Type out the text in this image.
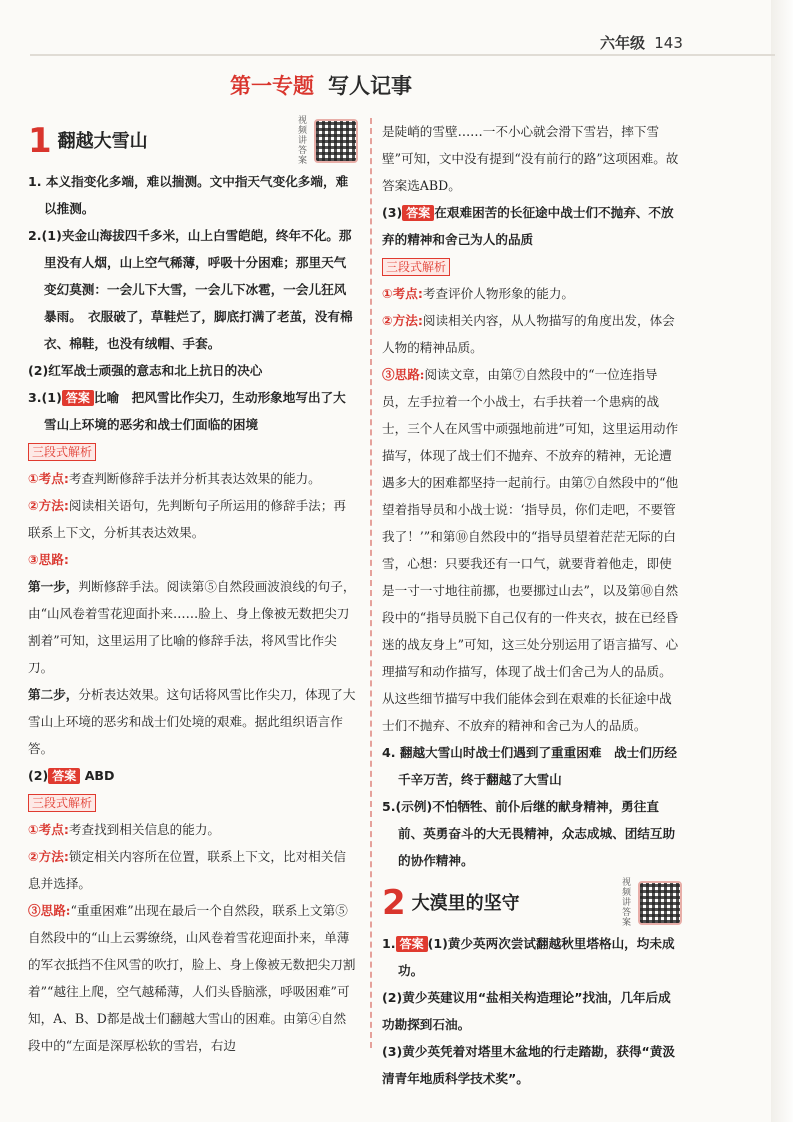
六年级 143
第一专题 写人记事
1 翻越大雪山
视频讲答案

1. 本义指变化多端，难以揣测。文中指天气变化多端，难以推测。

2.(1)夹金山海拔四千多米，山上白雪皑皑，终年不化。那里没有人烟，山上空气稀薄，呼吸十分困难；那里天气变幻莫测：一会儿下大雪，一会儿下冰雹，一会儿狂风暴雨。　衣服破了，草鞋烂了，脚底打满了老茧，没有棉衣、棉鞋，也没有绒帽、手套。

(2)红军战士顽强的意志和北上抗日的决心

3.(1) 答案 比喻　把风雪比作尖刀，生动形象地写出了大雪山上环境的恶劣和战士们面临的困境

三段式解析

①考点:考查判断修辞手法并分析其表达效果的能力。

②方法:阅读相关语句，先判断句子所运用的修辞手法；再联系上下文，分析其表达效果。

③思路:

第一步，判断修辞手法。阅读第⑤自然段画波浪线的句子，由“山风卷着雪花迎面扑来……脸上、身上像被无数把尖刀割着”可知，这里运用了比喻的修辞手法，将风雪比作尖刀。

第二步，分析表达效果。这句话将风雪比作尖刀，体现了大雪山上环境的恶劣和战士们处境的艰难。据此组织语言作答。

(2) 答案 ABD

三段式解析

①考点:考查找到相关信息的能力。

②方法:锁定相关内容所在位置，联系上下文，比对相关信息并选择。

③思路:“重重困难”出现在最后一个自然段，联系上文第⑤自然段中的“山上云雾缭绕，山风卷着雪花迎面扑来，单薄的军衣抵挡不住风雪的吹打，脸上、身上像被无数把尖刀割着”“越往上爬，空气越稀薄，人们头昏脑涨，呼吸困难”可知，A、B、D都是战士们翻越大雪山的困难。由第④自然段中的“左面是深厚松软的雪岩，右边

是陡峭的雪壁……一不小心就会滑下雪岩，摔下雪壁”可知，文中没有提到“没有前行的路”这项困难。故答案选ABD。

(3) 答案 在艰难困苦的长征途中战士们不抛弃、不放弃的精神和舍己为人的品质

三段式解析

①考点:考查评价人物形象的能力。

②方法:阅读相关内容，从人物描写的角度出发，体会人物的精神品质。

③思路:阅读文章，由第⑦自然段中的“一位连指导员，左手拉着一个小战士，右手扶着一个患病的战士，三个人在风雪中顽强地前进”可知，这里运用动作描写，体现了战士们不抛弃、不放弃的精神，无论遭遇多大的困难都坚持一起前行。由第⑦自然段中的“他望着指导员和小战士说：‘指导员，你们走吧，不要管我了！’”和第⑩自然段中的“指导员望着茫茫无际的白雪，心想：只要我还有一口气，就要背着他走，即使是一寸一寸地往前挪，也要挪过山去”，以及第⑩自然段中的“指导员脱下自己仅有的一件夹衣，披在已经昏迷的战友身上”可知，这三处分别运用了语言描写、心理描写和动作描写，体现了战士们舍己为人的品质。从这些细节描写中我们能体会到在艰难的长征途中战士们不抛弃、不放弃的精神和舍己为人的品质。

4. 翻越大雪山时战士们遇到了重重困难　战士们历经千辛万苦，终于翻越了大雪山

5.(示例)不怕牺牲、前仆后继的献身精神，勇往直前、英勇奋斗的大无畏精神，众志成城、团结互助的协作精神。

2 大漠里的坚守
视频讲答案

1. 答案 (1)黄少英两次尝试翻越秋里塔格山，均未成功。

(2)黄少英建议用“盐相关构造理论”找油，几年后成功勘探到石油。

(3)黄少英凭着对塔里木盆地的行走踏勘，获得“黄汲清青年地质科学技术奖”。
